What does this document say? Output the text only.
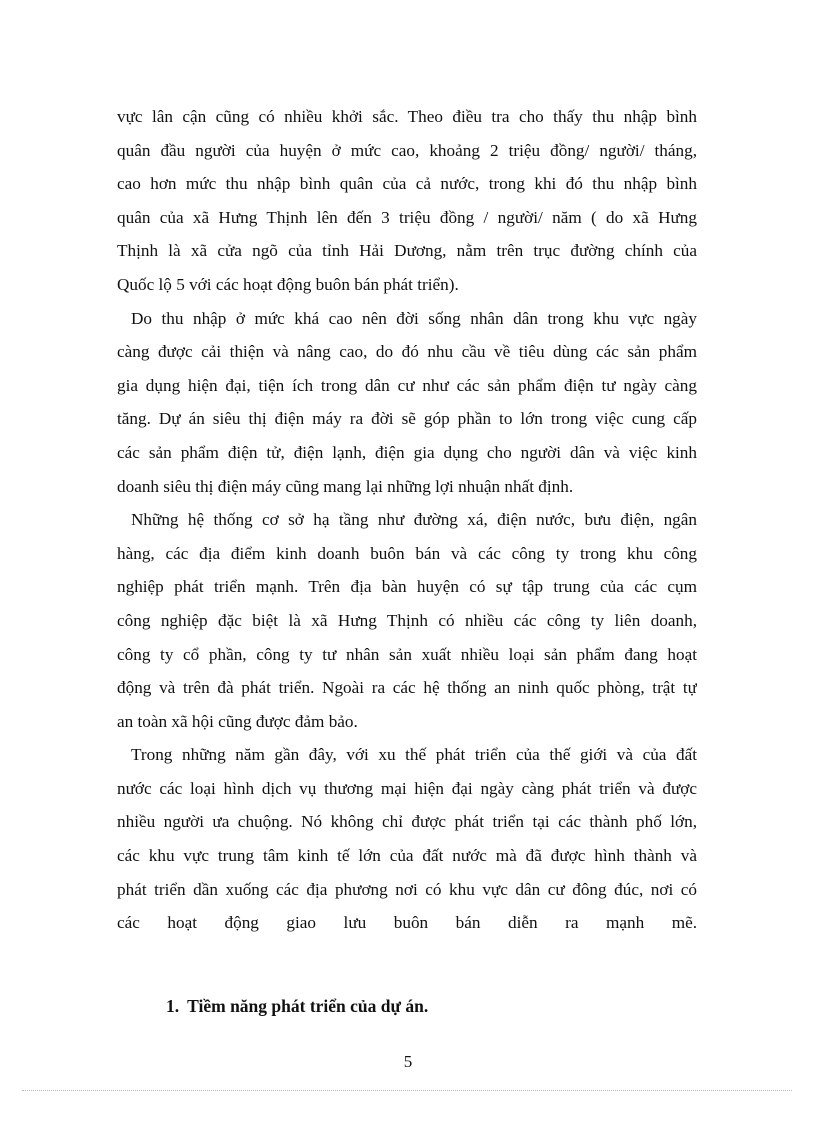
vực lân cận cũng có nhiều khởi sắc. Theo điều tra cho thấy thu nhập bình
quân đầu người của huyện ở mức cao, khoảng 2 triệu đồng/ người/ tháng,
cao hơn mức thu nhập bình quân của cả nước, trong khi đó thu nhập bình
quân của xã Hưng Thịnh lên đến 3 triệu đồng / người/ năm ( do xã Hưng
Thịnh là xã cửa ngõ của tỉnh Hải Dương, nằm trên trục đường chính của
Quốc lộ 5 với các hoạt động buôn bán phát triển).

Do thu nhập ở mức khá cao nên đời sống nhân dân trong khu vực ngày
càng được cải thiện và nâng cao, do đó nhu cầu về tiêu dùng các sản phẩm
gia dụng hiện đại, tiện ích trong dân cư như các sản phẩm điện tư ngày càng
tăng. Dự án siêu thị điện máy ra đời sẽ góp phần to lớn trong việc cung cấp
các sản phẩm điện tử, điện lạnh, điện gia dụng cho người dân và việc kinh
doanh siêu thị điện máy cũng mang lại những lợi nhuận nhất định.

Những hệ thống cơ sở hạ tầng như đường xá, điện nước, bưu điện, ngân
hàng, các địa điểm kinh doanh buôn bán và các công ty trong khu công
nghiệp phát triển mạnh. Trên địa bàn huyện có sự tập trung của các cụm
công nghiệp đặc biệt là xã Hưng Thịnh có nhiều các công ty liên doanh,
công ty cổ phần, công ty tư nhân sản xuất nhiều loại sản phẩm đang hoạt
động và trên đà phát triển. Ngoài ra các hệ thống an ninh quốc phòng, trật tự
an toàn xã hội cũng được đảm bảo.

Trong những năm gần đây, với xu thế phát triển của thế giới và của đất
nước các loại hình dịch vụ thương mại hiện đại ngày càng phát triển và được
nhiều người ưa chuộng. Nó không chỉ được phát triển tại các thành phố lớn,
các khu vực trung tâm kinh tế lớn của đất nước mà đã được hình thành và
phát triển dần xuống các địa phương nơi có khu vực dân cư đông đúc, nơi có
các hoạt động giao lưu buôn bán diễn ra mạnh mẽ.

1. Tiềm năng phát triển của dự án.
5
